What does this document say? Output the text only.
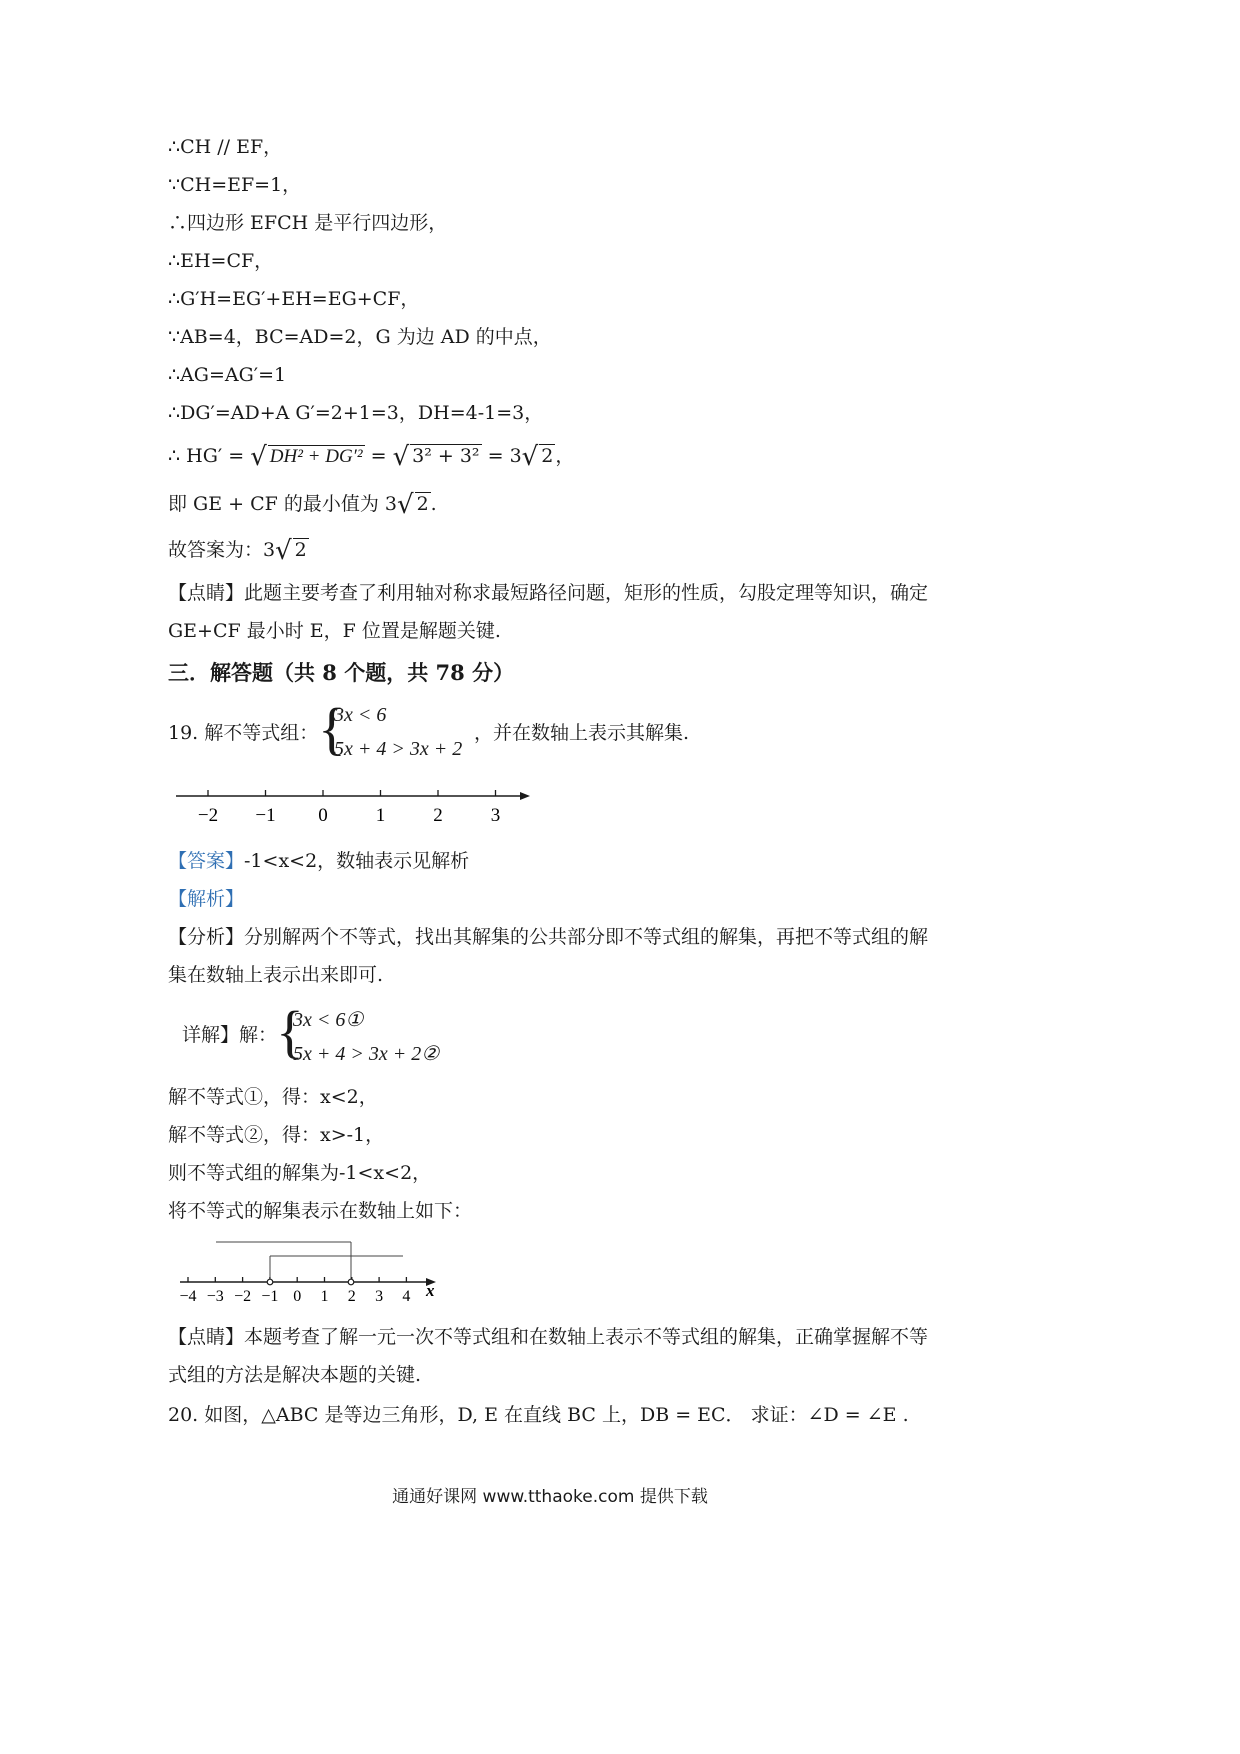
∴CH // EF，
∵CH=EF=1，
∴四边形 EFCH 是平行四边形，
∴EH=CF，
∴G′H=EG′+EH=EG+CF，
∵AB=4，BC=AD=2，G 为边 AD 的中点，
∴AG=AG′=1
∴DG′=AD+A G′=2+1=3，DH=4-1=3，
∴ HG′ = √ DH² + DG′² = √ 3² + 3² = 3√ 2 ，
即 GE + CF 的最小值为 3√ 2 .
故答案为：3√ 2
【点睛】此题主要考查了利用轴对称求最短路径问题，矩形的性质，勾股定理等知识，确定
GE+CF 最小时 E，F 位置是解题关键.
三．解答题（共 8 个题，共 78 分）
19. 解不等式组： {
3x < 6
5x + 4 > 3x + 2
，并在数轴上表示其解集.
−2 −1 0	1	2	3
【答案】-1<x<2，数轴表示见解析
【解析】
【分析】分别解两个不等式，找出其解集的公共部分即不等式组的解集，再把不等式组的解
集在数轴上表示出来即可.
详解】解：
{
3x < 6①
5x + 4 > 3x + 2②
解不等式①，得：x<2，
解不等式②，得：x>-1，
则不等式组的解集为-1<x<2，
将不等式的解集表示在数轴上如下：
−4 −3 −2 −1 0 1 2 3 4 x
【点睛】本题考查了解一元一次不等式组和在数轴上表示不等式组的解集，正确掌握解不等
式组的方法是解决本题的关键.
20. 如图，△ABC 是等边三角形，D, E 在直线 BC 上，DB = EC． 求证：∠D = ∠E .
通通好课网 www.tthaoke.com 提供下载
